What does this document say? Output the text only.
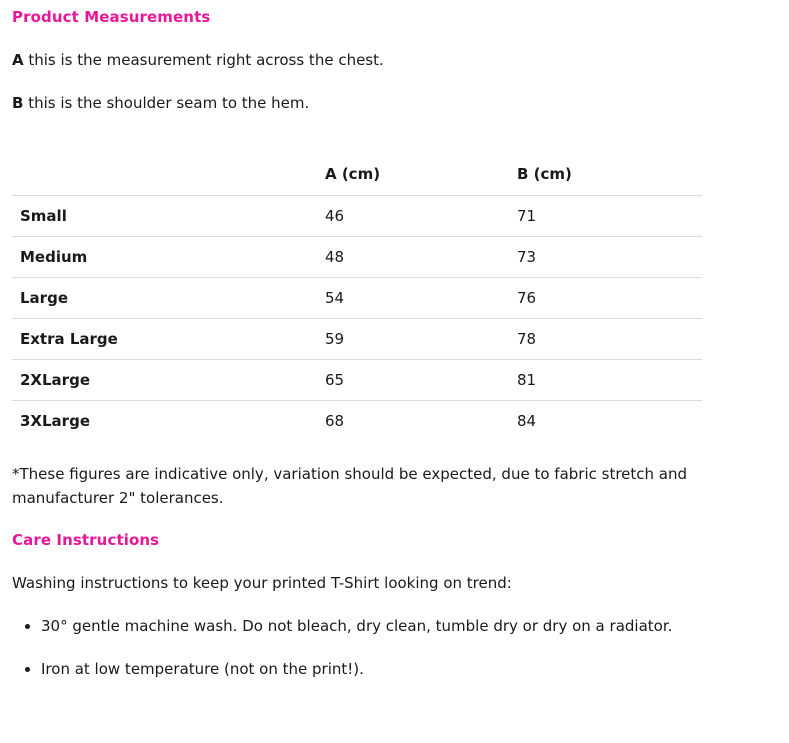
Product Measurements

A this is the measurement right across the chest.

B this is the shoulder seam to the hem.

	A (cm)	B (cm)
Small	46	71
Medium	48	73
Large	54	76
Extra Large	59	78
2XLarge	65	81
3XLarge	68	84

*These figures are indicative only, variation should be expected, due to fabric stretch and manufacturer 2" tolerances.

Care Instructions

Washing instructions to keep your printed T-Shirt looking on trend:

30° gentle machine wash. Do not bleach, dry clean, tumble dry or dry on a radiator.
Iron at low temperature (not on the print!).
